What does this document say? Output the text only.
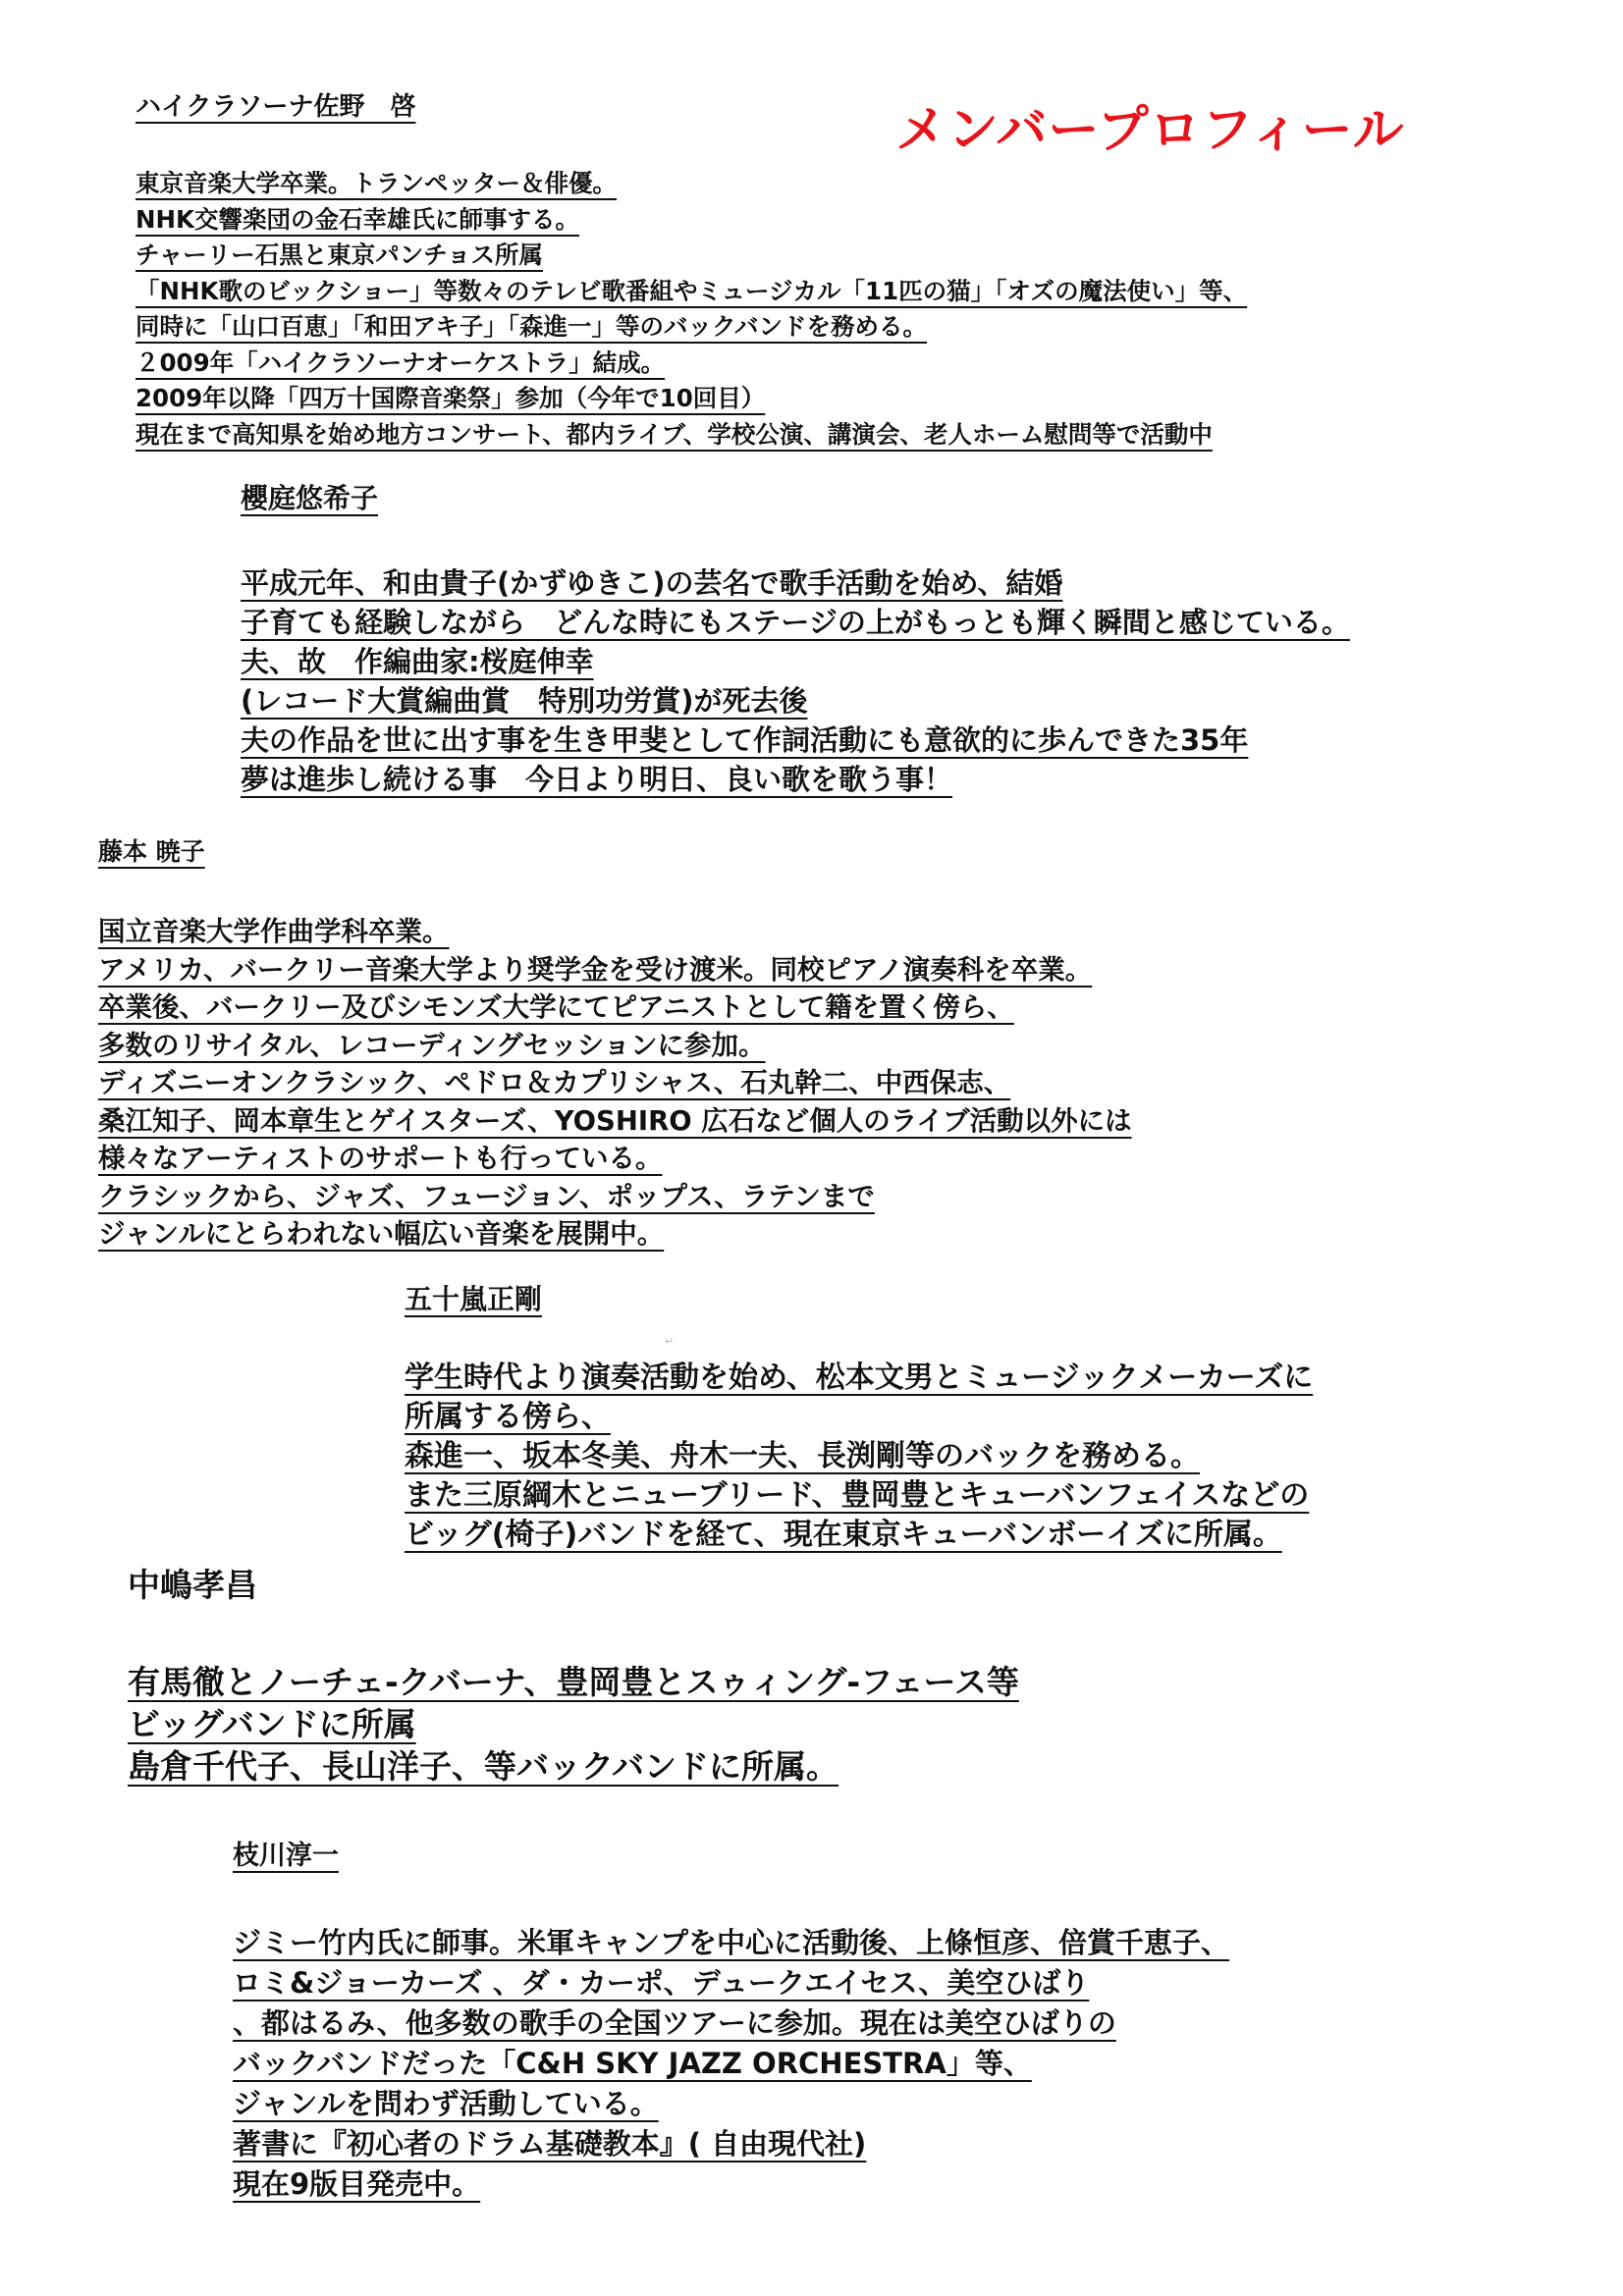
メンバープロフィール
ハイクラソーナ佐野　啓
東京音楽大学卒業。トランペッター＆俳優。
NHK交響楽団の金石幸雄氏に師事する。
チャーリー石黒と東京パンチョス所属
「NHK歌のビックショー」等数々のテレビ歌番組やミュージカル「11匹の猫」「オズの魔法使い」等、
同時に「山口百恵」「和田アキ子」「森進一」等のバックバンドを務める。
２009年「ハイクラソーナオーケストラ」結成。
2009年以降「四万十国際音楽祭」参加（今年で10回目）
現在まで高知県を始め地方コンサート、都内ライブ、学校公演、講演会、老人ホーム慰問等で活動中
櫻庭悠希子
平成元年、和由貴子(かずゆきこ)の芸名で歌手活動を始め、結婚
子育ても経験しながら　どんな時にもステージの上がもっとも輝く瞬間と感じている。
夫、故　作編曲家:桜庭伸幸
(レコード大賞編曲賞　特別功労賞)が死去後
夫の作品を世に出す事を生き甲斐として作詞活動にも意欲的に歩んできた35年
夢は進歩し続ける事　今日より明日、良い歌を歌う事！
藤本 暁子
国立音楽大学作曲学科卒業。
アメリカ、バークリー音楽大学より奨学金を受け渡米。同校ピアノ演奏科を卒業。
卒業後、バークリー及びシモンズ大学にてピアニストとして籍を置く傍ら、
多数のリサイタル、レコーディングセッションに参加。
ディズニーオンクラシック、ペドロ＆カプリシャス、石丸幹二、中西保志、
桑江知子、岡本章生とゲイスターズ、YOSHIRO 広石など個人のライブ活動以外には
様々なアーティストのサポートも行っている。
クラシックから、ジャズ、フュージョン、ポップス、ラテンまで
ジャンルにとらわれない幅広い音楽を展開中。
↵
五十嵐正剛
学生時代より演奏活動を始め、松本文男とミュージックメーカーズに
所属する傍ら、
森進一、坂本冬美、舟木一夫、長渕剛等のバックを務める。
また三原綱木とニューブリード、豊岡豊とキューバンフェイスなどの
ビッグ(椅子)バンドを経て、現在東京キューバンボーイズに所属。
中嶋孝昌
有馬徹とノーチェ-クバーナ、豊岡豊とスゥィング-フェース等
ビッグバンドに所属
島倉千代子、長山洋子、等バックバンドに所属。
枝川淳一
ジミー竹内氏に師事。米軍キャンプを中心に活動後、上條恒彦、倍賞千恵子、
ロミ&ジョーカーズ 、ダ・カーポ、デュークエイセス、美空ひばり
、都はるみ、他多数の歌手の全国ツアーに参加。現在は美空ひばりの
バックバンドだった「C&H SKY JAZZ ORCHESTRA」等、
ジャンルを問わず活動している。
著書に『初心者のドラム基礎教本』( 自由現代社)
現在9版目発売中。
